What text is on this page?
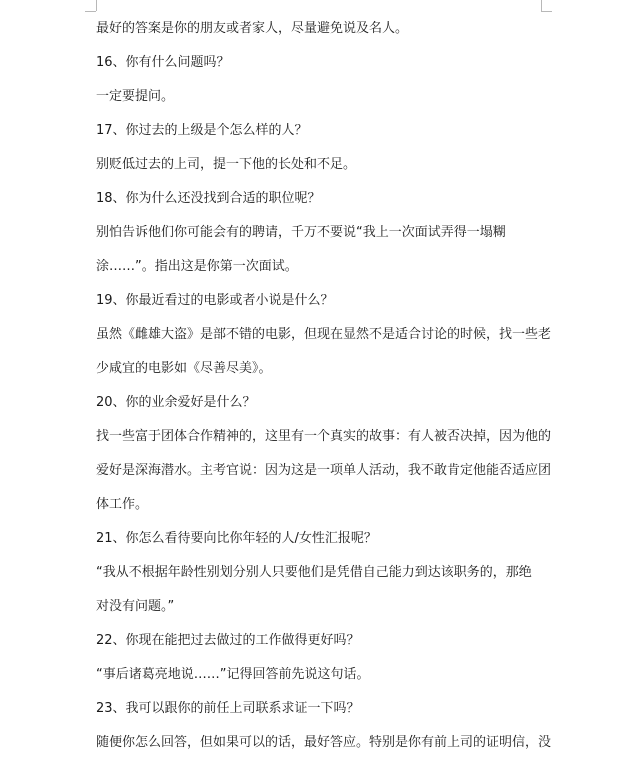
最好的答案是你的朋友或者家人，尽量避免说及名人。
16、你有什么问题吗？
一定要提问。
17、你过去的上级是个怎么样的人？
别贬低过去的上司，提一下他的长处和不足。
18、你为什么还没找到合适的职位呢？
别怕告诉他们你可能会有的聘请，千万不要说“我上一次面试弄得一塌糊
涂……”。指出这是你第一次面试。
19、你最近看过的电影或者小说是什么？
虽然《雌雄大盗》是部不错的电影，但现在显然不是适合讨论的时候，找一些老
少咸宜的电影如《尽善尽美》。
20、你的业余爱好是什么？
找一些富于团体合作精神的，这里有一个真实的故事：有人被否决掉，因为他的
爱好是深海潜水。主考官说：因为这是一项单人活动，我不敢肯定他能否适应团
体工作。
21、你怎么看待要向比你年轻的人/女性汇报呢？
“我从不根据年龄性别划分别人只要他们是凭借自己能力到达该职务的，那绝
对没有问题。”
22、你现在能把过去做过的工作做得更好吗？
“事后诸葛亮地说……”记得回答前先说这句话。
23、我可以跟你的前任上司联系求证一下吗？
随便你怎么回答，但如果可以的话，最好答应。特别是你有前上司的证明信，没
